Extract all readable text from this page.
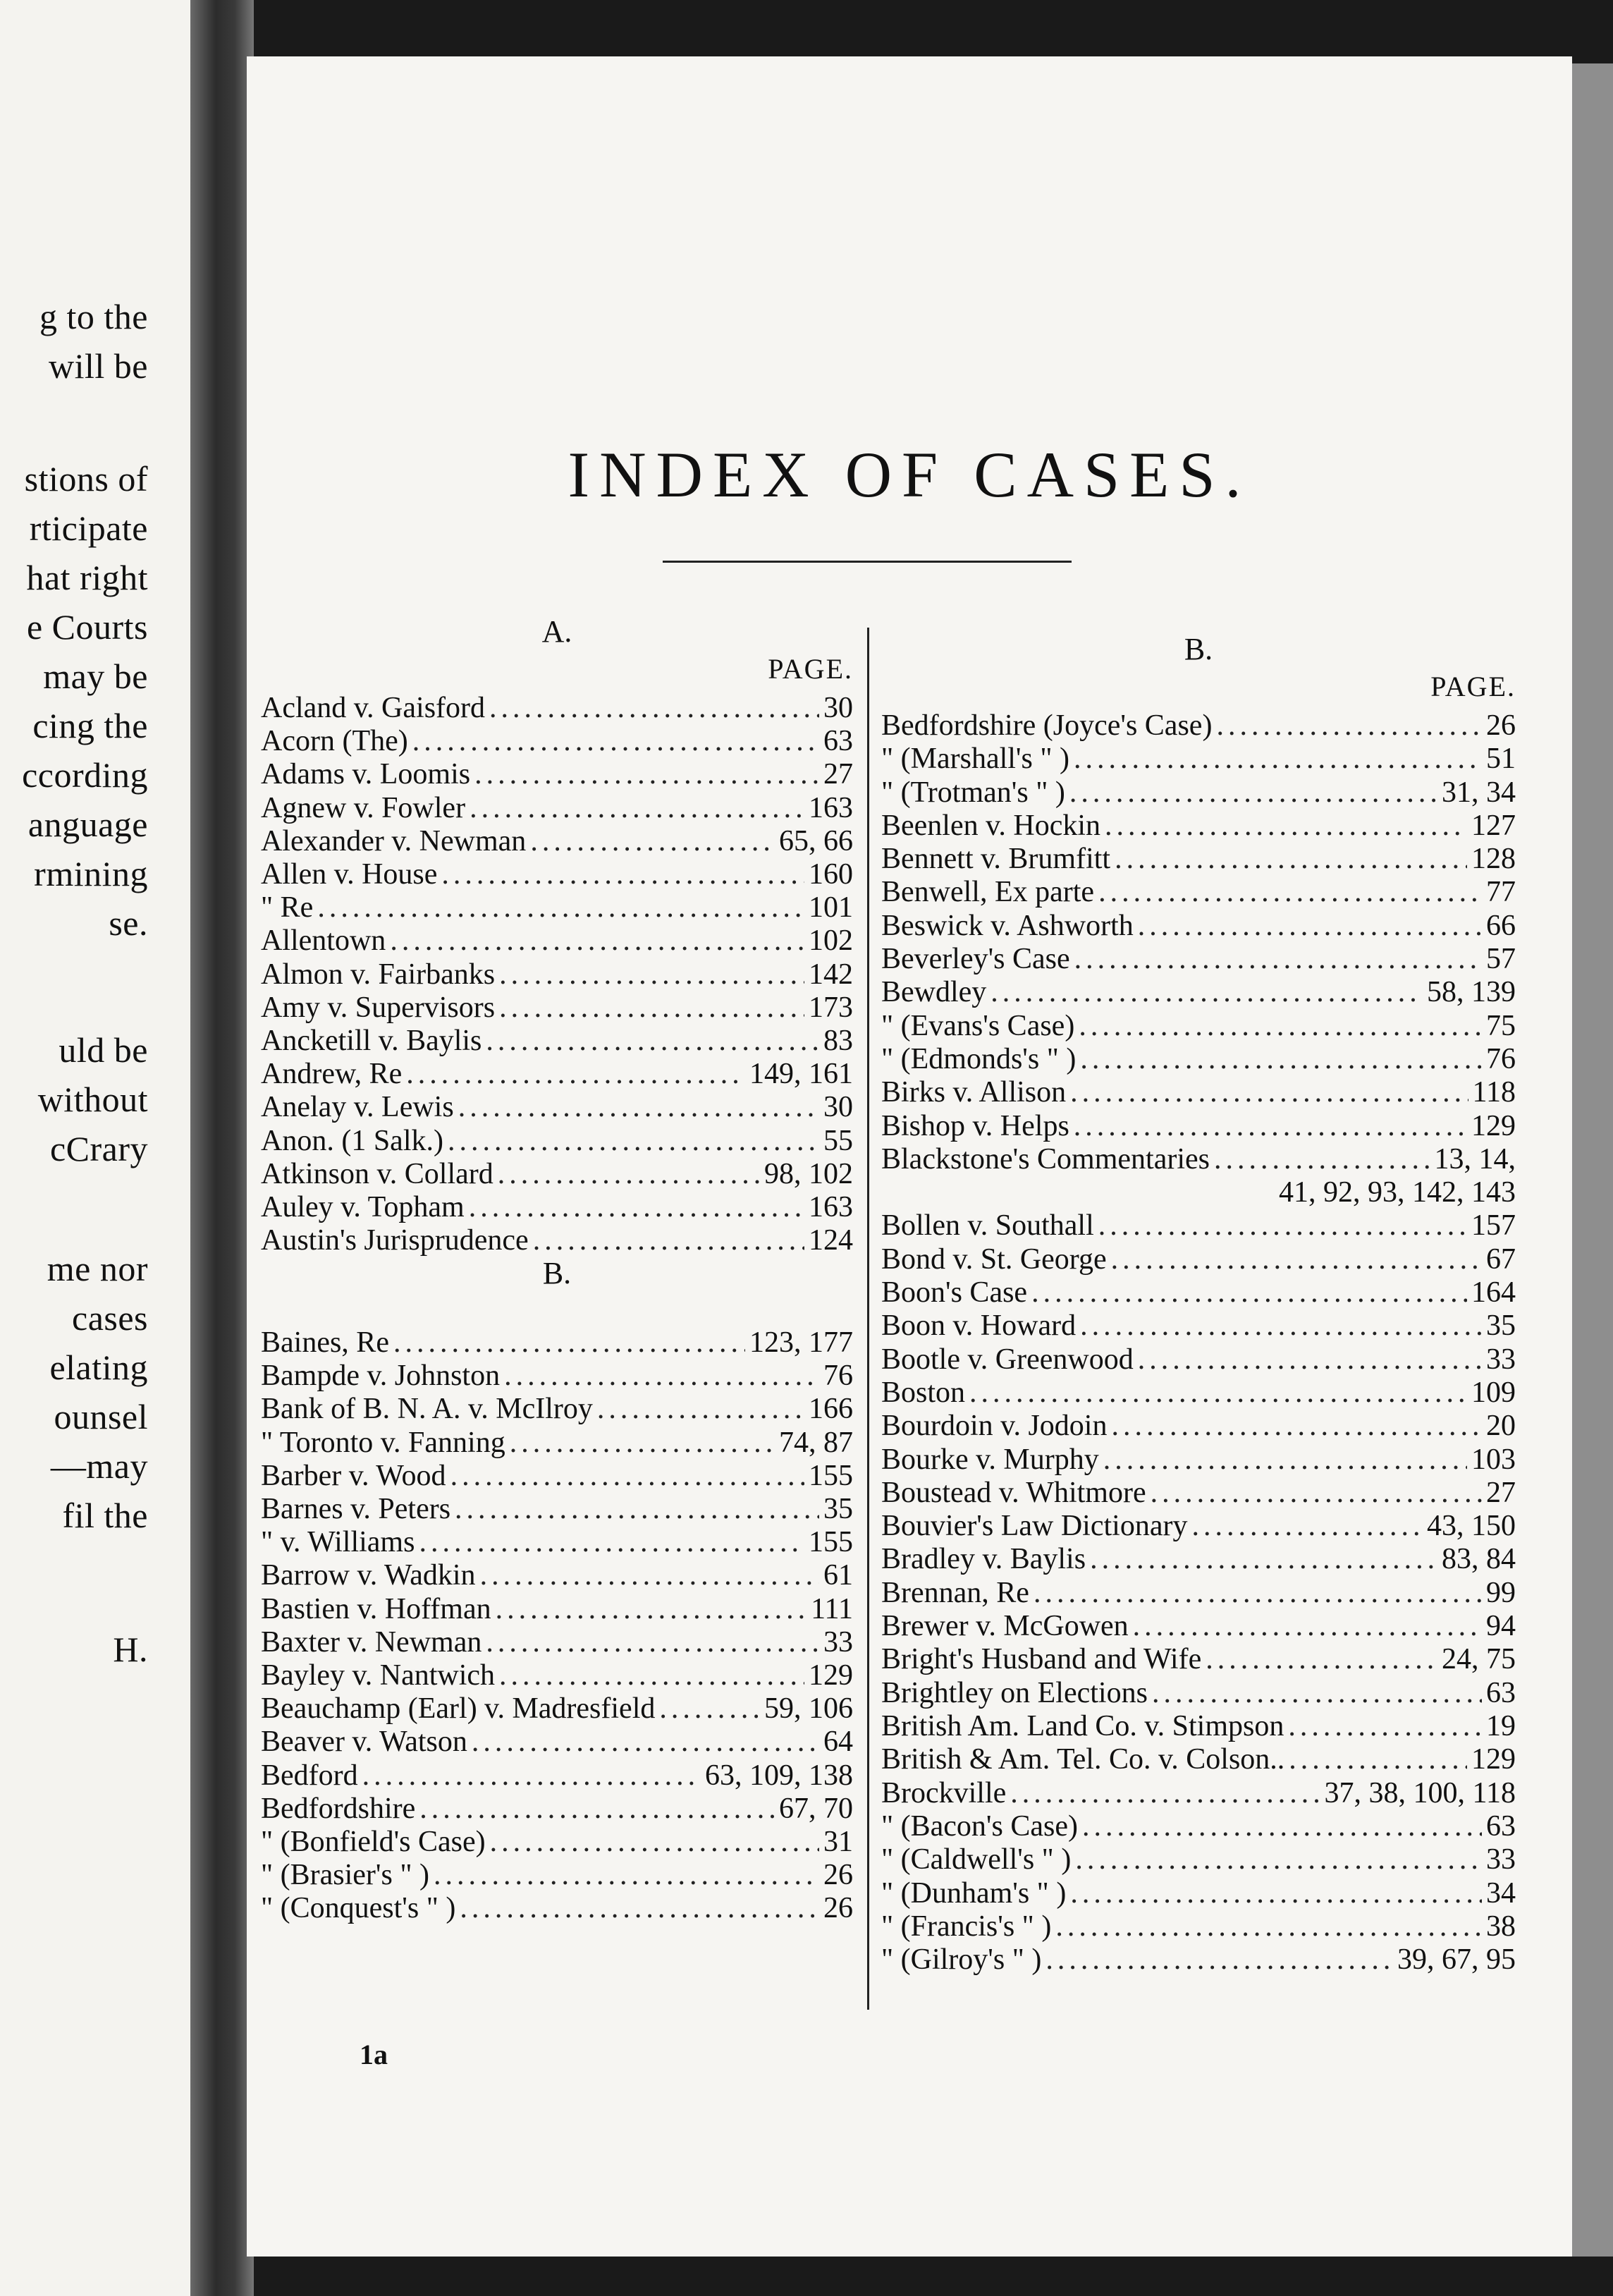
g to the
will be
stions of
rticipate
hat right
e Courts
may be
cing the
ccording
anguage
rmining
se.
uld be
without
cCrary
me nor
cases
elating
ounsel
—may
fil the
H.
INDEX OF CASES.
A.
PAGE.
Acland v. Gaisford .....	30
Acorn (The) .....	63
Adams v. Loomis .....	27
Agnew v. Fowler .....	163
Alexander v. Newman .....	65, 66
Allen v. House .....	160
" Re .....	101
Allentown .....	102
Almon v. Fairbanks .....	142
Amy v. Supervisors .....	173
Ancketill v. Baylis .....	83
Andrew, Re .....	149, 161
Anelay v. Lewis .....	30
Anon. (1 Salk.) .....	55
Atkinson v. Collard .....	98, 102
Auley v. Topham .....	163
Austin's Jurisprudence .....	124
B.
Baines, Re .....	123, 177
Bampde v. Johnston .....	76
Bank of B. N. A. v. McIlroy .....	166
" Toronto v. Fanning .....	74, 87
Barber v. Wood .....	155
Barnes v. Peters .....	35
" v. Williams .....	155
Barrow v. Wadkin .....	61
Bastien v. Hoffman .....	111
Baxter v. Newman .....	33
Bayley v. Nantwich .....	129
Beauchamp (Earl) v. Madresfield .....	59, 106
Beaver v. Watson .....	64
Bedford .....	63, 109, 138
Bedfordshire .....	67, 70
" (Bonfield's Case) .....	31
" (Brasier's " ) .....	26
" (Conquest's " ) .....	26
B.
PAGE.
Bedfordshire (Joyce's Case) .....	26
" (Marshall's " ) .....	51
" (Trotman's " ) .....	31, 34
Beenlen v. Hockin .....	127
Bennett v. Brumfitt .....	128
Benwell, Ex parte .....	77
Beswick v. Ashworth .....	66
Beverley's Case .....	57
Bewdley .....	58, 139
" (Evans's Case) .....	75
" (Edmonds's " ) .....	76
Birks v. Allison .....	118
Bishop v. Helps .....	129
Blackstone's Commentaries .....	13, 14,
41, 92, 93, 142, 143
Bollen v. Southall .....	157
Bond v. St. George .....	67
Boon's Case .....	164
Boon v. Howard .....	35
Bootle v. Greenwood .....	33
Boston .....	109
Bourdoin v. Jodoin .....	20
Bourke v. Murphy .....	103
Boustead v. Whitmore .....	27
Bouvier's Law Dictionary .....	43, 150
Bradley v. Baylis .....	83, 84
Brennan, Re .....	99
Brewer v. McGowen .....	94
Bright's Husband and Wife .....	24, 75
Brightley on Elections .....	63
British Am. Land Co. v. Stimpson .....	19
British & Am. Tel. Co. v. Colson.. .....	129
Brockville .....	37, 38, 100, 118
" (Bacon's Case) .....	63
" (Caldwell's " ) .....	33
" (Dunham's " ) .....	34
" (Francis's " ) .....	38
" (Gilroy's " ) .....	39, 67, 95
1a
